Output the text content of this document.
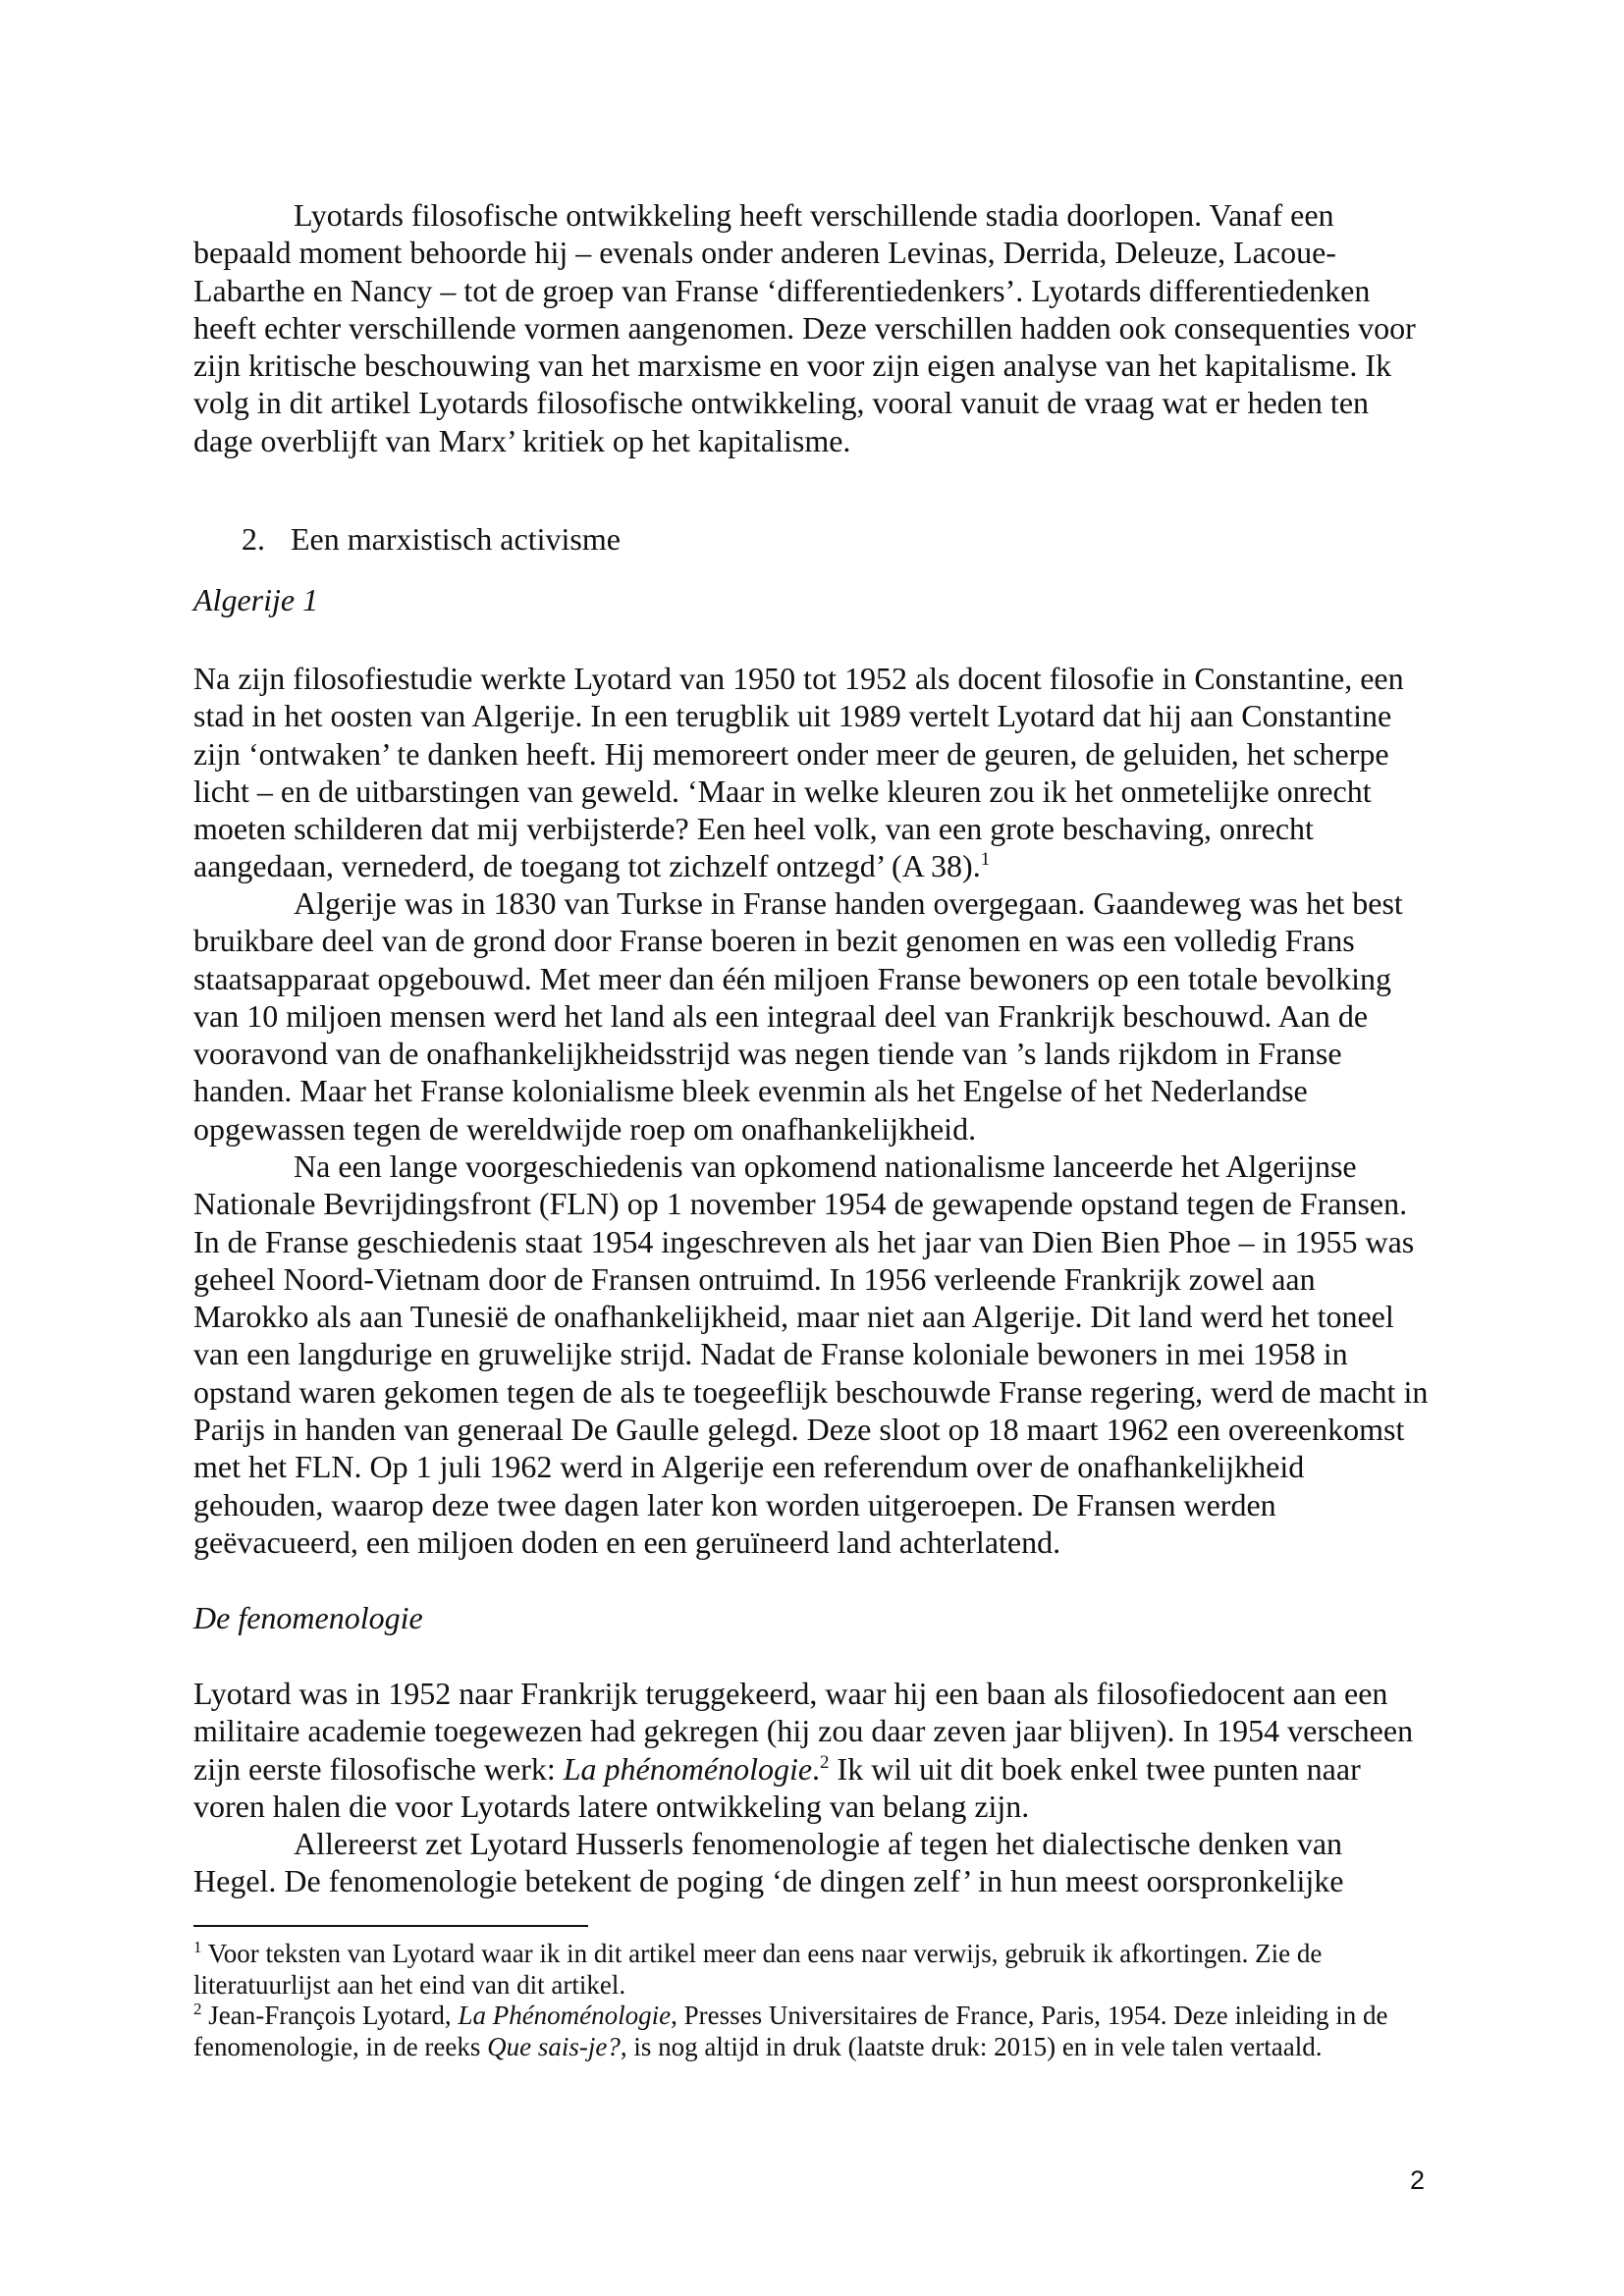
Lyotards filosofische ontwikkeling heeft verschillende stadia doorlopen. Vanaf een bepaald moment behoorde hij – evenals onder anderen Levinas, Derrida, Deleuze, Lacoue-Labarthe en Nancy – tot de groep van Franse ‘differentiedenkers’. Lyotards differentiedenken heeft echter verschillende vormen aangenomen. Deze verschillen hadden ook consequenties voor zijn kritische beschouwing van het marxisme en voor zijn eigen analyse van het kapitalisme. Ik volg in dit artikel Lyotards filosofische ontwikkeling, vooral vanuit de vraag wat er heden ten dage overblijft van Marx’ kritiek op het kapitalisme.

2. Een marxistisch activisme
Algerije 1

Na zijn filosofiestudie werkte Lyotard van 1950 tot 1952 als docent filosofie in Constantine, een stad in het oosten van Algerije. In een terugblik uit 1989 vertelt Lyotard dat hij aan Constantine zijn ‘ontwaken’ te danken heeft. Hij memoreert onder meer de geuren, de geluiden, het scherpe licht – en de uitbarstingen van geweld. ‘Maar in welke kleuren zou ik het onmetelijke onrecht moeten schilderen dat mij verbijsterde? Een heel volk, van een grote beschaving, onrecht aangedaan, vernederd, de toegang tot zichzelf ontzegd’ (A 38).$^1$

Algerije was in 1830 van Turkse in Franse handen overgegaan. Gaandeweg was het best bruikbare deel van de grond door Franse boeren in bezit genomen en was een volledig Frans staatsapparaat opgebouwd. Met meer dan één miljoen Franse bewoners op een totale bevolking van 10 miljoen mensen werd het land als een integraal deel van Frankrijk beschouwd. Aan de vooravond van de onafhankelijkheidsstrijd was negen tiende van ’s lands rijkdom in Franse handen. Maar het Franse kolonialisme bleek evenmin als het Engelse of het Nederlandse opgewassen tegen de wereldwijde roep om onafhankelijkheid.

Na een lange voorgeschiedenis van opkomend nationalisme lanceerde het Algerijnse Nationale Bevrijdingsfront (FLN) op 1 november 1954 de gewapende opstand tegen de Fransen. In de Franse geschiedenis staat 1954 ingeschreven als het jaar van Dien Bien Phoe – in 1955 was geheel Noord-Vietnam door de Fransen ontruimd. In 1956 verleende Frankrijk zowel aan Marokko als aan Tunesië de onafhankelijkheid, maar niet aan Algerije. Dit land werd het toneel van een langdurige en gruwelijke strijd. Nadat de Franse koloniale bewoners in mei 1958 in opstand waren gekomen tegen de als te toegeeflijk beschouwde Franse regering, werd de macht in Parijs in handen van generaal De Gaulle gelegd. Deze sloot op 18 maart 1962 een overeenkomst met het FLN. Op 1 juli 1962 werd in Algerije een referendum over de onafhankelijkheid gehouden, waarop deze twee dagen later kon worden uitgeroepen. De Fransen werden geëvacueerd, een miljoen doden en een geruïneerd land achterlatend.

De fenomenologie

Lyotard was in 1952 naar Frankrijk teruggekeerd, waar hij een baan als filosofiedocent aan een militaire academie toegewezen had gekregen (hij zou daar zeven jaar blijven). In 1954 verscheen zijn eerste filosofische werk: La phénoménologie.$^2$ Ik wil uit dit boek enkel twee punten naar voren halen die voor Lyotards latere ontwikkeling van belang zijn.

Allereerst zet Lyotard Husserls fenomenologie af tegen het dialectische denken van Hegel. De fenomenologie betekent de poging ‘de dingen zelf’ in hun meest oorspronkelijke

$^1$ Voor teksten van Lyotard waar ik in dit artikel meer dan eens naar verwijs, gebruik ik afkortingen. Zie de literatuurlijst aan het eind van dit artikel.

$^2$ Jean-François Lyotard, La Phénoménologie, Presses Universitaires de France, Paris, 1954. Deze inleiding in de fenomenologie, in de reeks Que sais-je?, is nog altijd in druk (laatste druk: 2015) en in vele talen vertaald.

2
